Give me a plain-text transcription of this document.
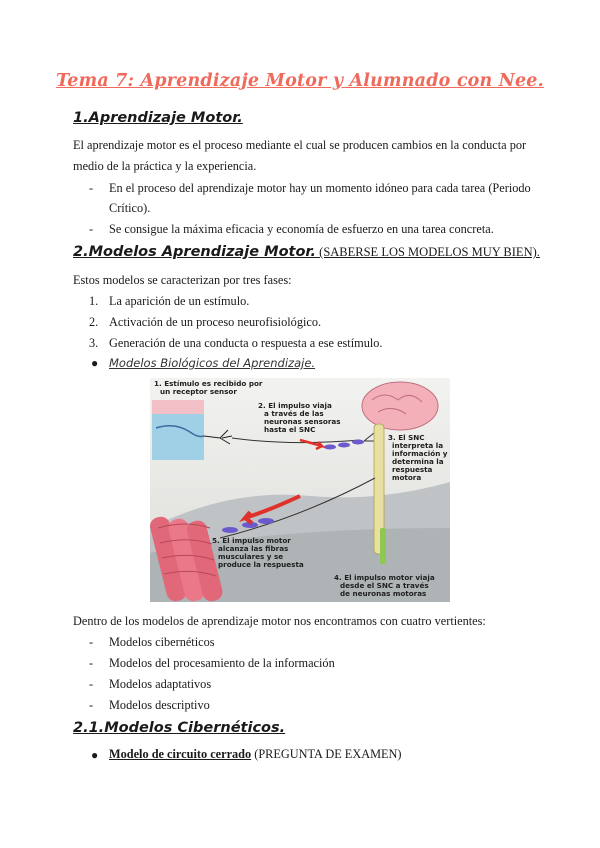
Tema 7: Aprendizaje Motor y Alumnado con Nee.
1.Aprendizaje Motor.
El aprendizaje motor es el proceso mediante el cual se producen cambios en la conducta por
medio de la práctica y la experiencia.
- En el proceso del aprendizaje motor hay un momento idóneo para cada tarea (Periodo
Crítico).
- Se consigue la máxima eficacia y economía de esfuerzo en una tarea concreta.
2.Modelos Aprendizaje Motor. (SABERSE LOS MODELOS MUY BIEN).
Estos modelos se caracterizan por tres fases:
1. La aparición de un estímulo.
2. Activación de un proceso neurofisiológico.
3. Generación de una conducta o respuesta a ese estímulo.
● Modelos Biológicos del Aprendizaje.
1. Estímulo es recibido por
un receptor sensor
2. El impulso viaja
a través de las
neuronas sensoras
hasta el SNC
3. El SNC
interpreta la
información y
determina la
respuesta
motora
5. El impulso motor
alcanza las fibras
musculares y se
produce la respuesta
4. El impulso motor viaja
desde el SNC a través
de neuronas motoras
Dentro de los modelos de aprendizaje motor nos encontramos con cuatro vertientes:
- Modelos cibernéticos
- Modelos del procesamiento de la información
- Modelos adaptativos
- Modelos descriptivo
2.1.Modelos Cibernéticos.
● Modelo de circuito cerrado (PREGUNTA DE EXAMEN)
